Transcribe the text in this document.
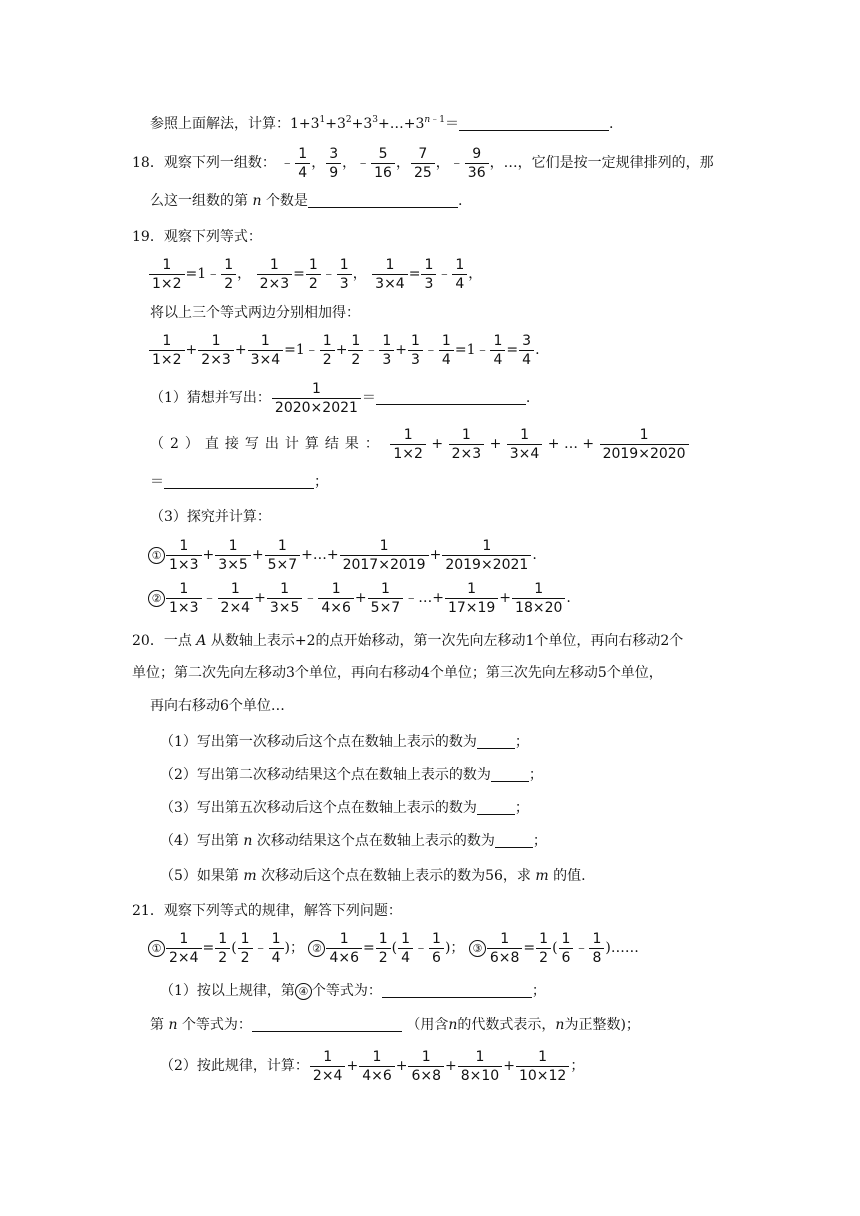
参照上面解法，计算：$1+3^1+3^2+3^3+\dots+3^{n﹣1}=$	.
18．观察下列一组数： ﹣ $\frac{1}{4}$ ， $\frac{3}{9}$ ，﹣ $\frac{5}{16}$ ， $\frac{7}{25}$ ，﹣ $\frac{9}{36}$ ，…，它们是按一定规律排列的，那
么这一组数的第 n 个数是	.
19．观察下列等式：
$\frac{1}{1\times 2}$ =1﹣ $\frac{1}{2}$ ， $\frac{1}{2\times 3} = \frac{1}{2}$ ﹣ $\frac{1}{3}$ ， $\frac{1}{3\times 4} = \frac{1}{3}$ ﹣ $\frac{1}{4}$ ，
将以上三个等式两边分别相加得：
$\frac{1}{1\times 2} + \frac{1}{2\times 3} + \frac{1}{3\times 4}$ =1﹣ $\frac{1}{2} + \frac{1}{2}$ ﹣ $\frac{1}{3} + \frac{1}{3}$ ﹣ $\frac{1}{4}$ =1﹣ $\frac{1}{4} = \frac{3}{4}$ .
（1）猜想并写出： $\frac{1}{2020\times 2021}$ ＝	.
（2）直接写出计算结果： $\frac{1}{1\times 2} + \frac{1}{2\times 3} + \frac{1}{3\times 4}$ + … + $\frac{1}{2019\times 2020}$
＝	；
（3）探究并计算：
① $\frac{1}{1\times 3} + \frac{1}{3\times 5} + \frac{1}{5\times 7}$ +…+ $\frac{1}{2017\times 2019} + \frac{1}{2019\times 2021}$ .
② $\frac{1}{1\times 3}$ ﹣ $\frac{1}{2\times 4} + \frac{1}{3\times 5}$ ﹣ $\frac{1}{4\times 6} + \frac{1}{5\times 7}$ ﹣…+ $\frac{1}{17\times 19} + \frac{1}{18\times 20}$ .
20．一点 A 从数轴上表示+2的点开始移动，第一次先向左移动1个单位，再向右移动2个
单位；第二次先向左移动3个单位，再向右移动4个单位；第三次先向左移动5个单位，
再向右移动6个单位…
（1）写出第一次移动后这个点在数轴上表示的数为	；
（2）写出第二次移动结果这个点在数轴上表示的数为	；
（3）写出第五次移动后这个点在数轴上表示的数为	；
（4）写出第 n 次移动结果这个点在数轴上表示的数为	；
（5）如果第 m 次移动后这个点在数轴上表示的数为56，求 m 的值.
21．观察下列等式的规律，解答下列问题：
① $\frac{1}{2\times 4} = \frac{1}{2}$ ( $\frac{1}{2}$ ﹣ $\frac{1}{4}$ )； ② $\frac{1}{4\times 6} = \frac{1}{2}$ ( $\frac{1}{4}$ ﹣ $\frac{1}{6}$ )； ③ $\frac{1}{6\times 8} = \frac{1}{2}$ ( $\frac{1}{6}$ ﹣ $\frac{1}{8}$ )……
（1）按以上规律，第 ④ 个等式为：	；
第 n 个等式为：	（用含n的代数式表示，n为正整数)；
（2）按此规律，计算： $\frac{1}{2\times 4} + \frac{1}{4\times 6} + \frac{1}{6\times 8} + \frac{1}{8\times 10} + \frac{1}{10\times 12}$ ；
